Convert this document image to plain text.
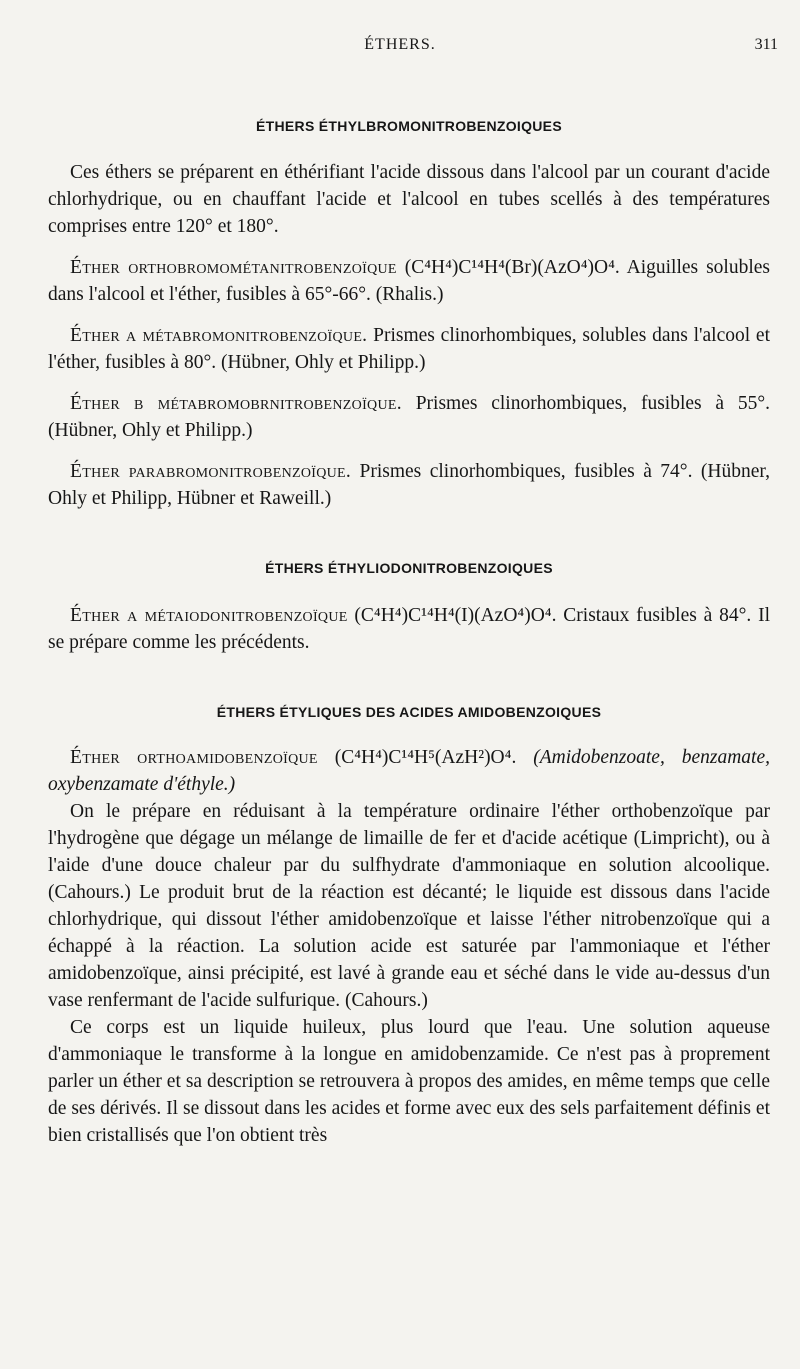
ÉTHERS.	311
ÉTHERS ÉTHYLBROMONITROBENZOIQUES

Ces éthers se préparent en éthérifiant l'acide dissous dans l'alcool par un courant d'acide chlorhydrique, ou en chauffant l'acide et l'alcool en tubes scellés à des températures comprises entre 120° et 180°.

Éther orthobromométanitrobenzoïque (C⁴H⁴)C¹⁴H⁴(Br)(AzO⁴)O⁴. Aiguilles solubles dans l'alcool et l'éther, fusibles à 65°-66°. (Rhalis.)

Éther α métabromonitrobenzoïque. Prismes clinorhombiques, solubles dans l'alcool et l'éther, fusibles à 80°. (Hübner, Ohly et Philipp.)

Éther β métabromobrnitrobenzoïque. Prismes clinorhombiques, fusibles à 55°. (Hübner, Ohly et Philipp.)

Éther parabromonitrobenzoïque. Prismes clinorhombiques, fusibles à 74°. (Hübner, Ohly et Philipp, Hübner et Raweill.)

ÉTHERS ÉTHYLIODONITROBENZOIQUES

Éther α métaiodonitrobenzoïque (C⁴H⁴)C¹⁴H⁴(I)(AzO⁴)O⁴. Cristaux fusibles à 84°. Il se prépare comme les précédents.

ÉTHERS ÉTYLIQUES DES ACIDES AMIDOBENZOIQUES

Éther orthoamidobenzoïque (C⁴H⁴)C¹⁴H⁵(AzH²)O⁴. (Amidobenzoate, benzamate, oxybenzamate d'éthyle.)

On le prépare en réduisant à la température ordinaire l'éther orthobenzoïque par l'hydrogène que dégage un mélange de limaille de fer et d'acide acétique (Limpricht), ou à l'aide d'une douce chaleur par du sulfhydrate d'ammoniaque en solution alcoolique. (Cahours.) Le produit brut de la réaction est décanté; le liquide est dissous dans l'acide chlorhydrique, qui dissout l'éther amidobenzoïque et laisse l'éther nitrobenzoïque qui a échappé à la réaction. La solution acide est saturée par l'ammoniaque et l'éther amidobenzoïque, ainsi précipité, est lavé à grande eau et séché dans le vide au-dessus d'un vase renfermant de l'acide sulfurique. (Cahours.)

Ce corps est un liquide huileux, plus lourd que l'eau. Une solution aqueuse d'ammoniaque le transforme à la longue en amidobenzamide. Ce n'est pas à proprement parler un éther et sa description se retrouvera à propos des amides, en même temps que celle de ses dérivés. Il se dissout dans les acides et forme avec eux des sels parfaitement définis et bien cristallisés que l'on obtient très
